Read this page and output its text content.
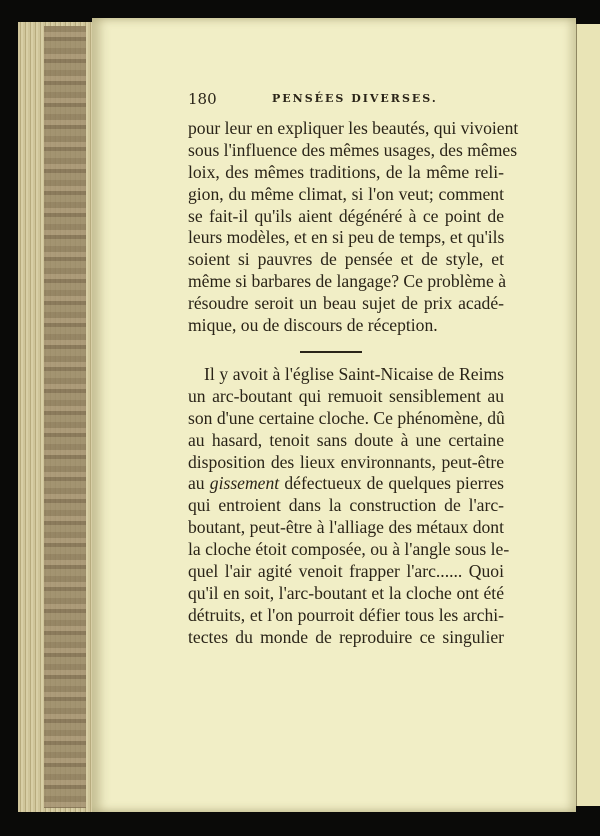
180	PENSÉES DIVERSES.
pour leur en expliquer les beautés, qui vivoient
sous l'influence des mêmes usages, des mêmes
loix, des mêmes traditions, de la même reli-
gion, du même climat, si l'on veut; comment
se fait-il qu'ils aient dégénéré à ce point de
leurs modèles, et en si peu de temps, et qu'ils
soient si pauvres de pensée et de style, et
même si barbares de langage? Ce problème à
résoudre seroit un beau sujet de prix acadé-
mique, ou de discours de réception.
Il y avoit à l'église Saint-Nicaise de Reims
un arc-boutant qui remuoit sensiblement au
son d'une certaine cloche. Ce phénomène, dû
au hasard, tenoit sans doute à une certaine
disposition des lieux environnants, peut-être
au gissement défectueux de quelques pierres
qui entroient dans la construction de l'arc-
boutant, peut-être à l'alliage des métaux dont
la cloche étoit composée, ou à l'angle sous le-
quel l'air agité venoit frapper l'arc...... Quoi
qu'il en soit, l'arc-boutant et la cloche ont été
détruits, et l'on pourroit défier tous les archi-
tectes du monde de reproduire ce singulier
